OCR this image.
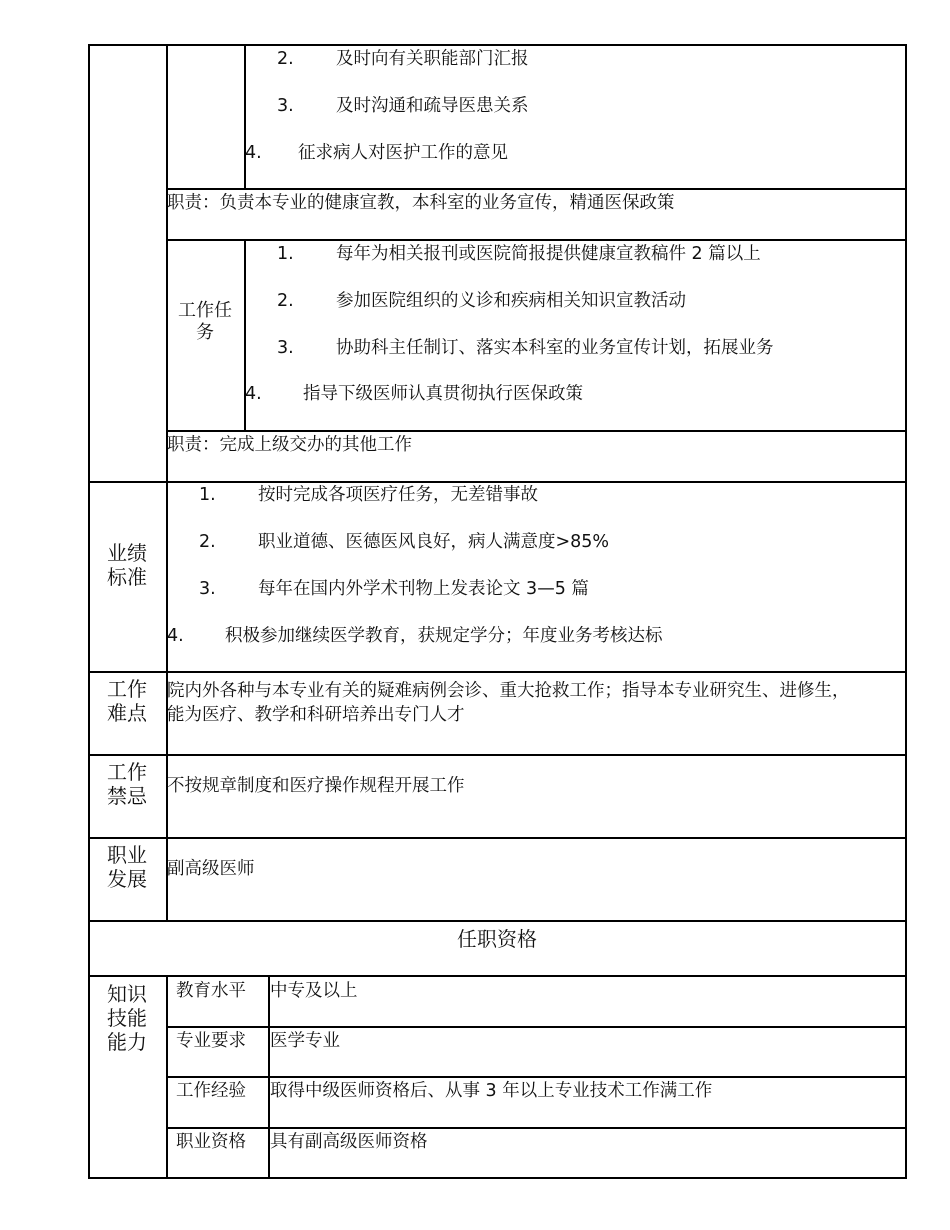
2. 及时向有关职能部门汇报
3. 及时沟通和疏导医患关系
4. 征求病人对医护工作的意见
职责：负责本专业的健康宣教，本科室的业务宣传，精通医保政策
工作任
务
1. 每年为相关报刊或医院简报提供健康宣教稿件 2 篇以上
2. 参加医院组织的义诊和疾病相关知识宣教活动
3. 协助科主任制订、落实本科室的业务宣传计划，拓展业务
4. 指导下级医师认真贯彻执行医保政策
职责：完成上级交办的其他工作
业绩
标准
1. 按时完成各项医疗任务，无差错事故
2. 职业道德、医德医风良好，病人满意度>85%
3. 每年在国内外学术刊物上发表论文 3—5 篇
4. 积极参加继续医学教育，获规定学分；年度业务考核达标
工作
难点
院内外各种与本专业有关的疑难病例会诊、重大抢救工作；指导本专业研究生、进修生，
能为医疗、教学和科研培养出专门人才
工作
禁忌	不按规章制度和医疗操作规程开展工作
职业
发展	副高级医师
任职资格
知识
技能
能力
教育水平 中专及以上
专业要求 医学专业
工作经验 取得中级医师资格后、从事 3 年以上专业技术工作满工作
职业资格 具有副高级医师资格
